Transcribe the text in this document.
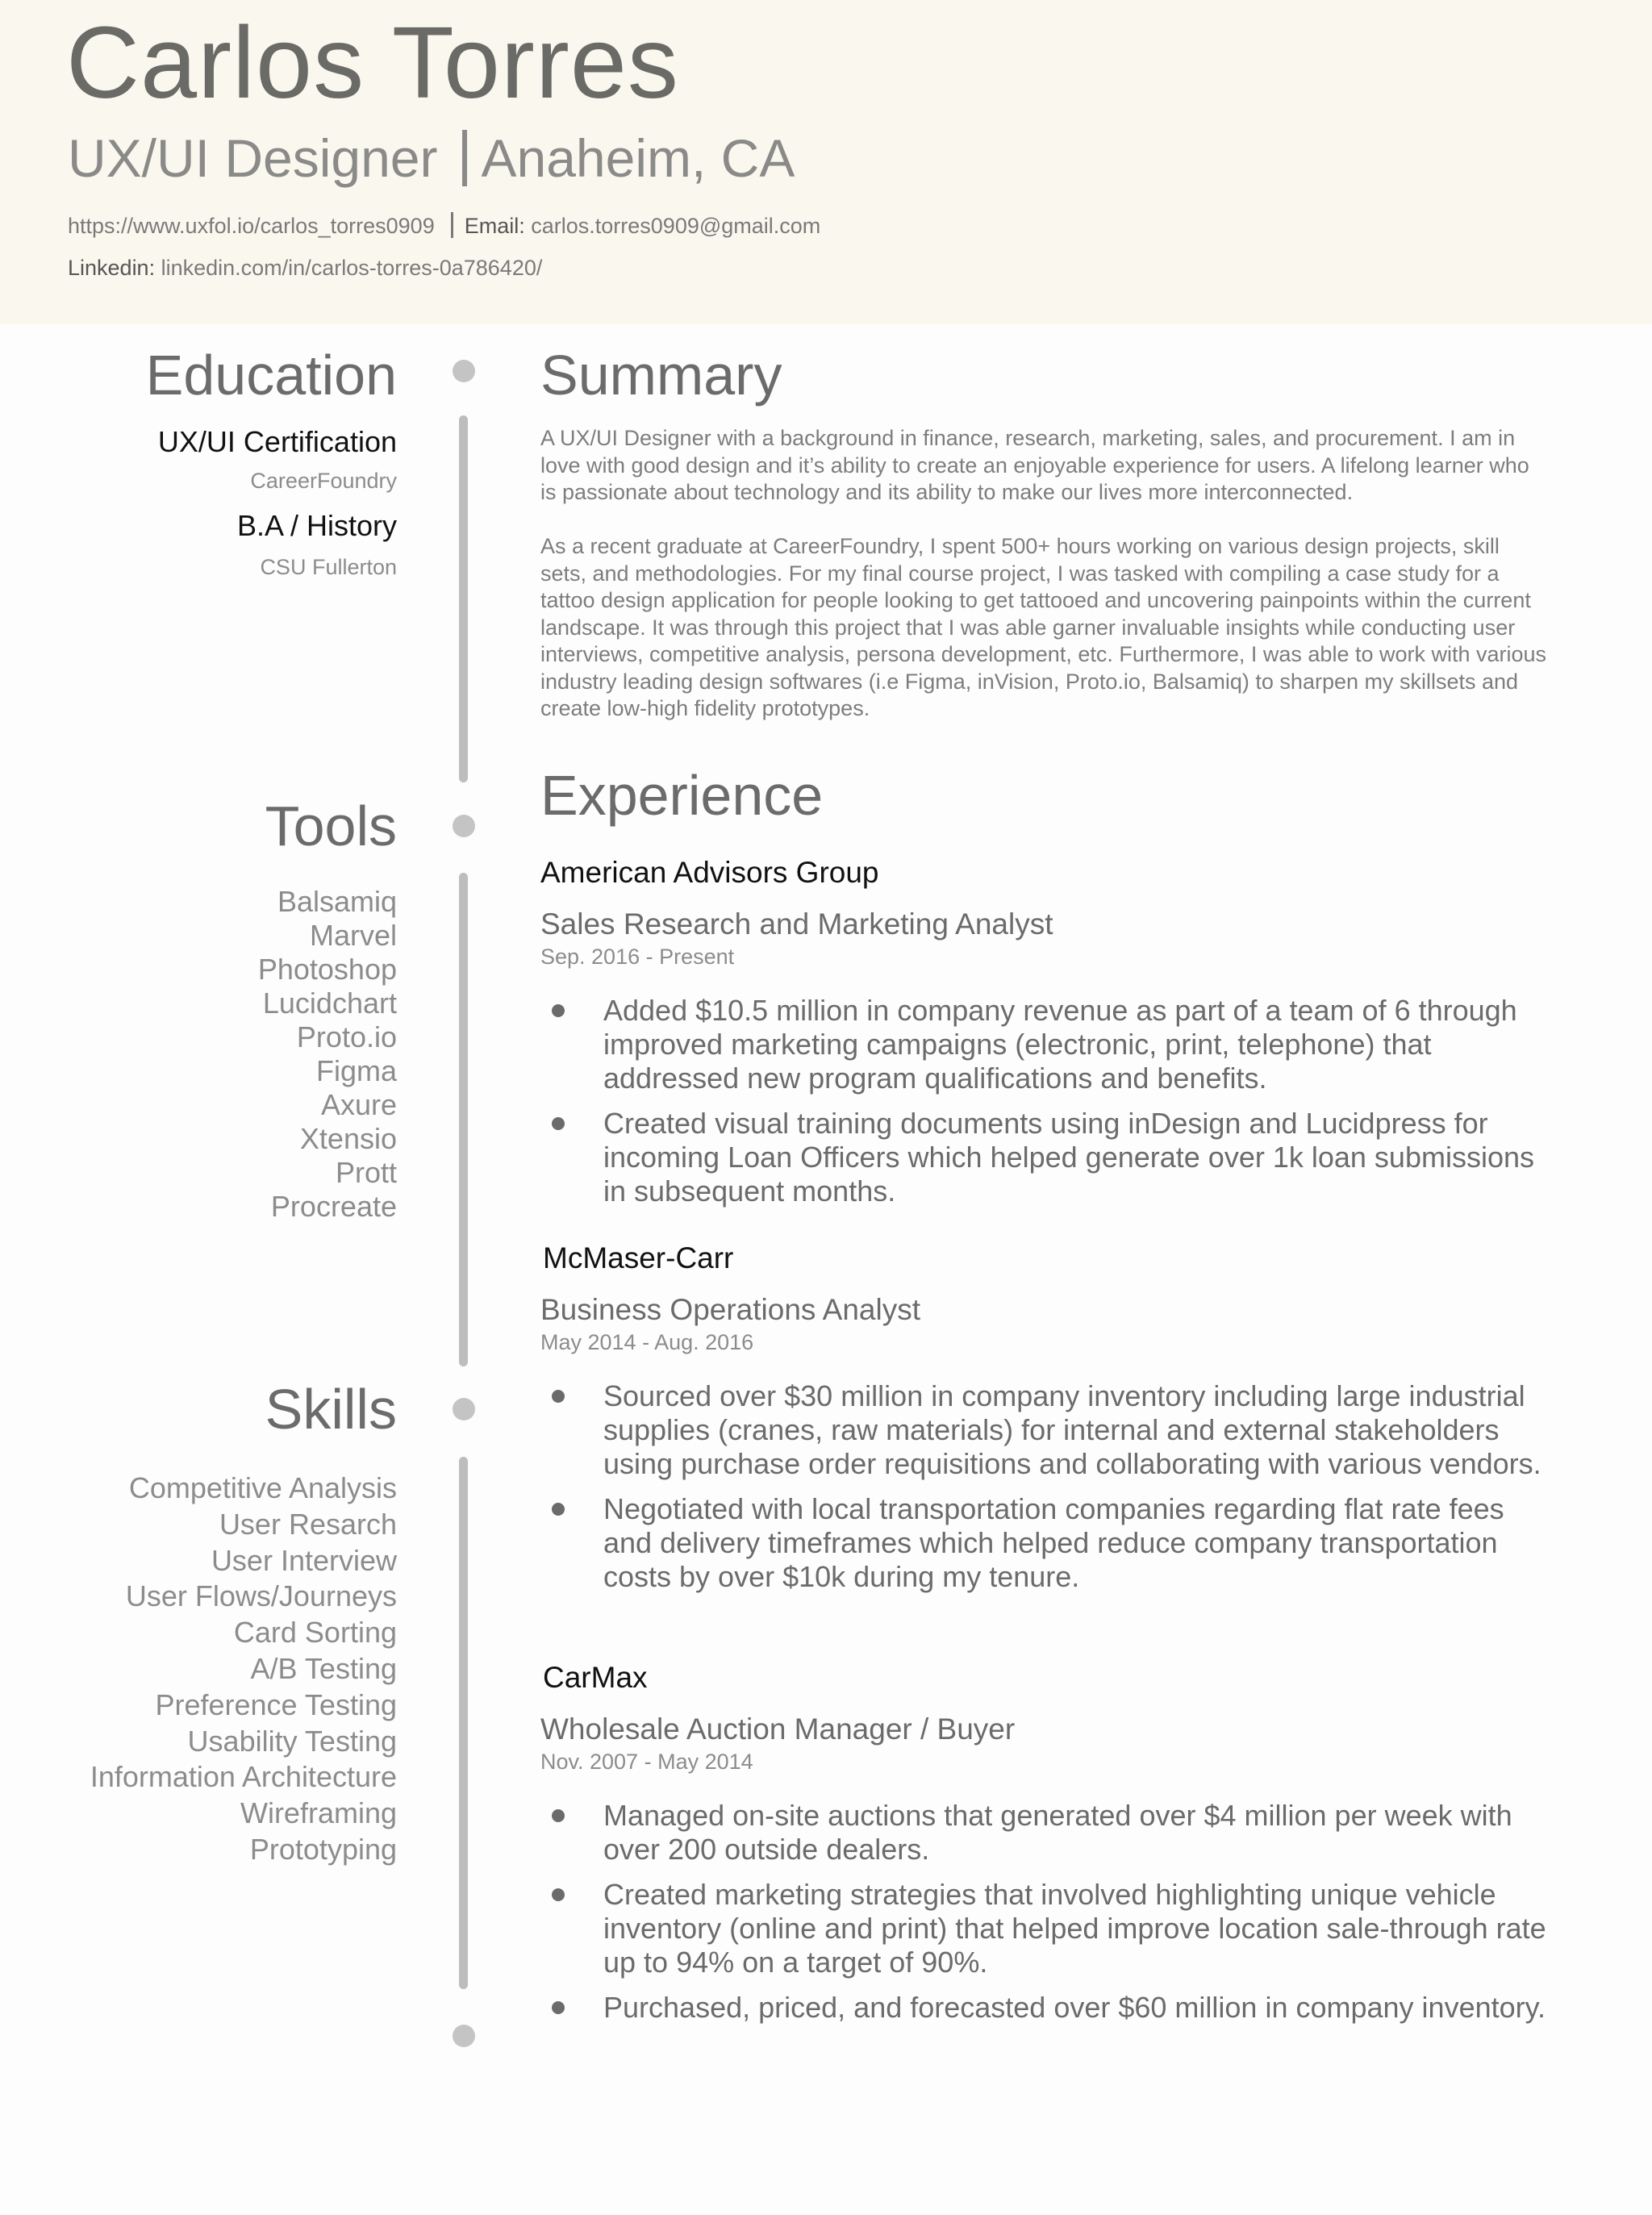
Carlos Torres
UX/UI Designer Anaheim, CA
https://www.uxfol.io/carlos_torres0909 Email: carlos.torres0909@gmail.com
Linkedin: linkedin.com/in/carlos-torres-0a786420/
Education
UX/UI Certification
CareerFoundry
B.A / History
CSU Fullerton
Tools
Balsamiq
Marvel
Photoshop
Lucidchart
Proto.io
Figma
Axure
Xtensio
Prott
Procreate
Skills
Competitive Analysis
User Resarch
User Interview
User Flows/Journeys
Card Sorting
A/B Testing
Preference Testing
Usability Testing
Information Architecture
Wireframing
Prototyping
Summary

A UX/UI Designer with a background in finance, research, marketing, sales, and procurement. I am in love with good design and it’s ability to create an enjoyable experience for users. A lifelong learner who is passionate about technology and its ability to make our lives more interconnected.

As a recent graduate at CareerFoundry, I spent 500+ hours working on various design projects, skill sets, and methodologies. For my final course project, I was tasked with compiling a case study for a tattoo design application for people looking to get tattooed and uncovering painpoints within the current landscape. It was through this project that I was able garner invaluable insights while conducting user interviews, competitive analysis, persona development, etc. Furthermore, I was able to work with various industry leading design softwares (i.e Figma, inVision, Proto.io, Balsamiq) to sharpen my skillsets and create low-high fidelity prototypes.

Experience
American Advisors Group
Sales Research and Marketing Analyst
Sep. 2016 - Present
Added $10.5 million in company revenue as part of a team of 6 through improved marketing campaigns (electronic, print, telephone) that addressed new program qualifications and benefits.
Created visual training documents using inDesign and Lucidpress for incoming Loan Officers which helped generate over 1k loan submissions in subsequent months.
McMaser-Carr
Business Operations Analyst
May 2014 - Aug. 2016
Sourced over $30 million in company inventory including large industrial supplies (cranes, raw materials) for internal and external stakeholders using purchase order requisitions and collaborating with various vendors.
Negotiated with local transportation companies regarding flat rate fees and delivery timeframes which helped reduce company transportation costs by over $10k during my tenure.
CarMax
Wholesale Auction Manager / Buyer
Nov. 2007 - May 2014
Managed on-site auctions that generated over $4 million per week with over 200 outside dealers.
Created marketing strategies that involved highlighting unique vehicle inventory (online and print) that helped improve location sale-through rate up to 94% on a target of 90%.
Purchased, priced, and forecasted over $60 million in company inventory.
